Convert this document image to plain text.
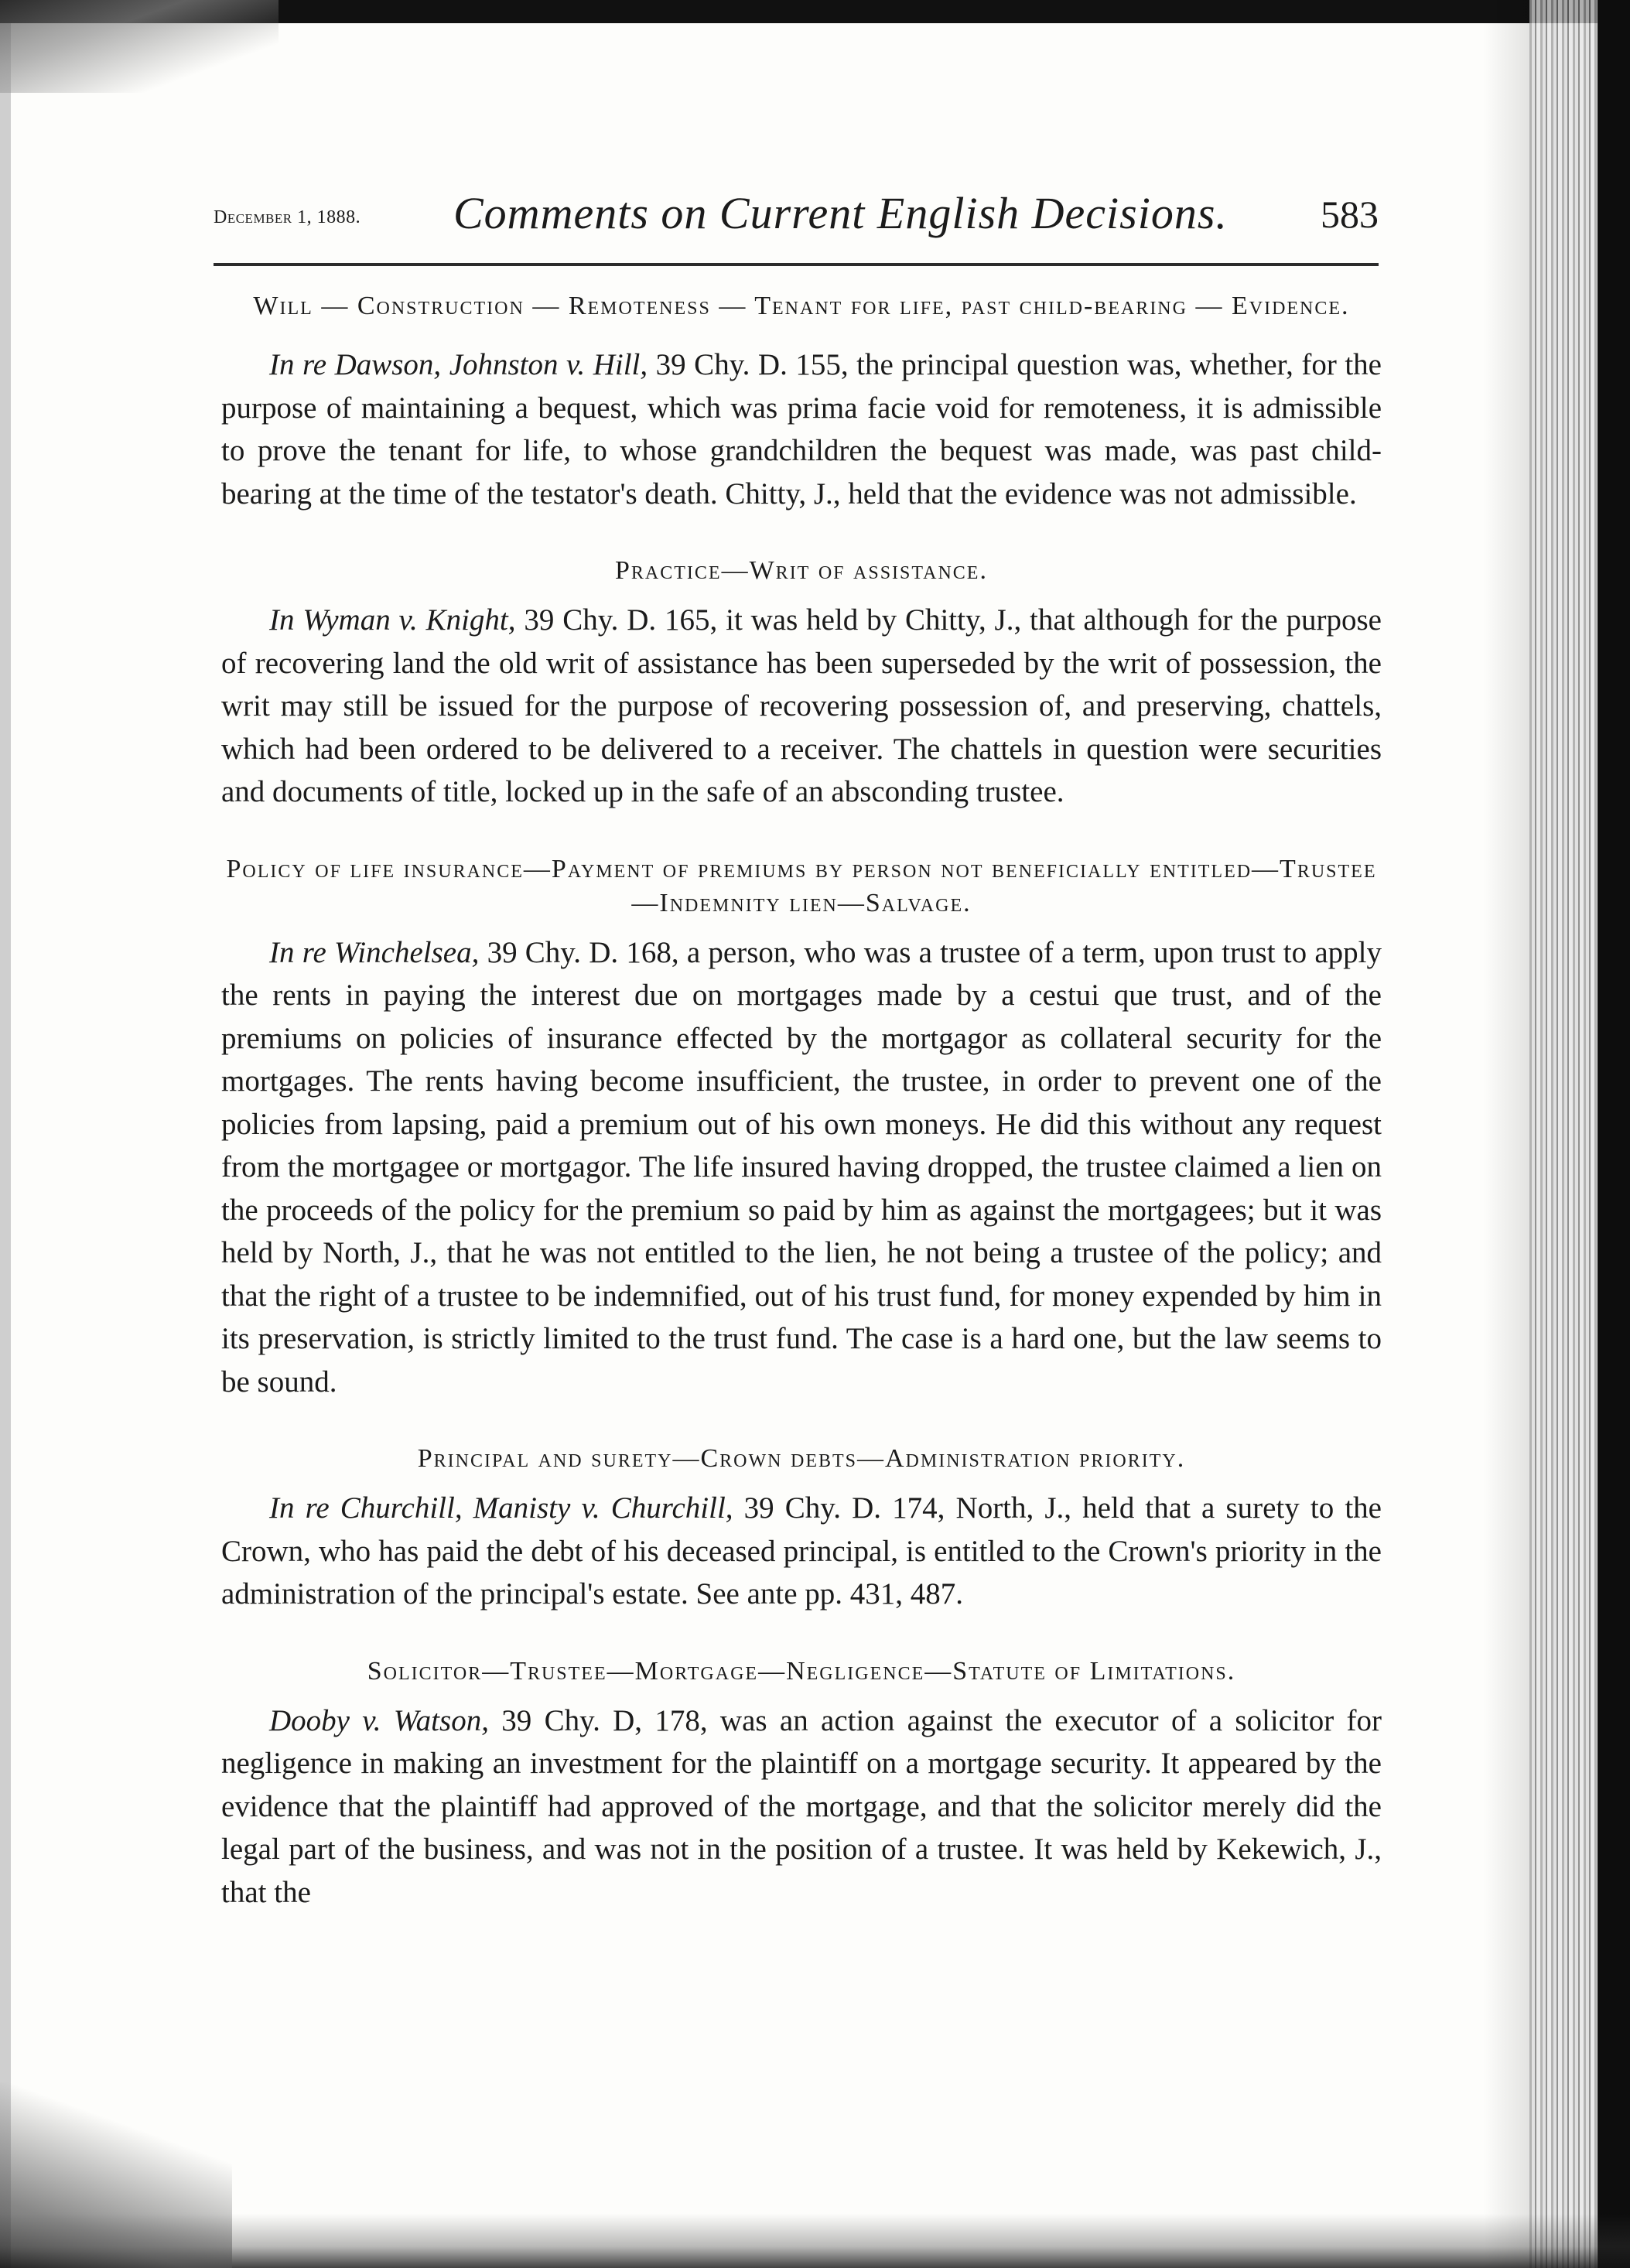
December 1, 1888. Comments on Current English Decisions. 583

Will — Construction — Remoteness — Tenant for life, past child-bearing — Evidence.

In re Dawson, Johnston v. Hill, 39 Chy. D. 155, the principal question was, whether, for the purpose of maintaining a bequest, which was prima facie void for remoteness, it is admissible to prove the tenant for life, to whose grandchildren the bequest was made, was past child-bearing at the time of the testator's death. Chitty, J., held that the evidence was not admissible.

Practice—Writ of assistance.

In Wyman v. Knight, 39 Chy. D. 165, it was held by Chitty, J., that although for the purpose of recovering land the old writ of assistance has been superseded by the writ of possession, the writ may still be issued for the purpose of recovering possession of, and preserving, chattels, which had been ordered to be delivered to a receiver. The chattels in question were securities and documents of title, locked up in the safe of an absconding trustee.

Policy of life insurance—Payment of premiums by person not beneficially entitled—Trustee—Indemnity lien—Salvage.

In re Winchelsea, 39 Chy. D. 168, a person, who was a trustee of a term, upon trust to apply the rents in paying the interest due on mortgages made by a cestui que trust, and of the premiums on policies of insurance effected by the mortgagor as collateral security for the mortgages. The rents having become insufficient, the trustee, in order to prevent one of the policies from lapsing, paid a premium out of his own moneys. He did this without any request from the mortgagee or mortgagor. The life insured having dropped, the trustee claimed a lien on the proceeds of the policy for the premium so paid by him as against the mortgagees; but it was held by North, J., that he was not entitled to the lien, he not being a trustee of the policy; and that the right of a trustee to be indemnified, out of his trust fund, for money expended by him in its preservation, is strictly limited to the trust fund. The case is a hard one, but the law seems to be sound.

Principal and surety—Crown debts—Administration priority.

In re Churchill, Manisty v. Churchill, 39 Chy. D. 174, North, J., held that a surety to the Crown, who has paid the debt of his deceased principal, is entitled to the Crown's priority in the administration of the principal's estate. See ante pp. 431, 487.

Solicitor—Trustee—Mortgage—Negligence—Statute of Limitations.

Dooby v. Watson, 39 Chy. D, 178, was an action against the executor of a solicitor for negligence in making an investment for the plaintiff on a mortgage security. It appeared by the evidence that the plaintiff had approved of the mortgage, and that the solicitor merely did the legal part of the business, and was not in the position of a trustee. It was held by Kekewich, J., that the
